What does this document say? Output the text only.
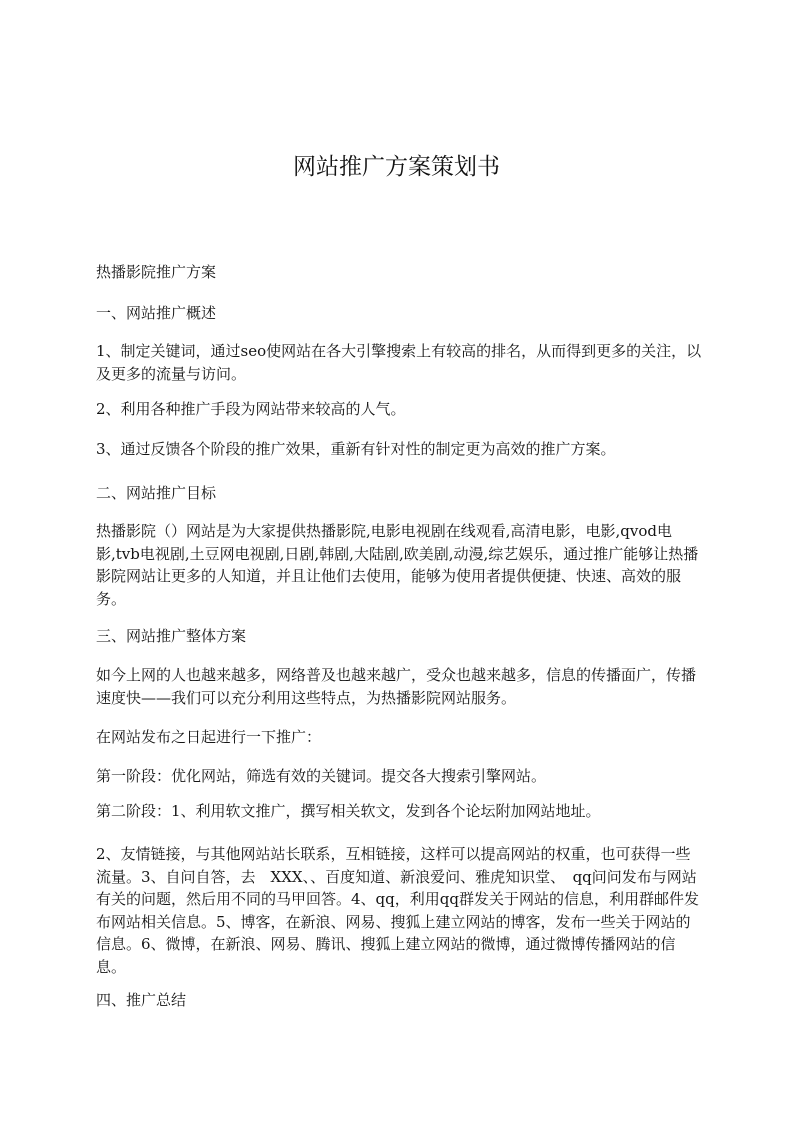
网站推广方案策划书

热播影院推广方案

一、网站推广概述

1、制定关键词，通过seo使网站在各大引擎搜索上有较高的排名，从而得到更多的关注，以及更多的流量与访问。

2、利用各种推广手段为网站带来较高的人气。

3、通过反馈各个阶段的推广效果，重新有针对性的制定更为高效的推广方案。

二、网站推广目标

热播影院（）网站是为大家提供热播影院,电影电视剧在线观看,高清电影，电影,qvod电影,tvb电视剧,土豆网电视剧,日剧,韩剧,大陆剧,欧美剧,动漫,综艺娱乐，通过推广能够让热播影院网站让更多的人知道，并且让他们去使用，能够为使用者提供便捷、快速、高效的服务。

三、网站推广整体方案

如今上网的人也越来越多，网络普及也越来越广，受众也越来越多，信息的传播面广，传播速度快——我们可以充分利用这些特点，为热播影院网站服务。

在网站发布之日起进行一下推广：

第一阶段：优化网站，筛选有效的关键词。提交各大搜索引擎网站。

第二阶段：1、利用软文推广，撰写相关软文，发到各个论坛附加网站地址。

2、友情链接，与其他网站站长联系，互相链接，这样可以提高网站的权重，也可获得一些流量。3、自问自答，去　XXX、、百度知道、新浪爱问、雅虎知识堂、　qq问问发布与网站有关的问题，然后用不同的马甲回答。4、qq，利用qq群发关于网站的信息，利用群邮件发布网站相关信息。5、博客，在新浪、网易、搜狐上建立网站的博客，发布一些关于网站的信息。6、微博，在新浪、网易、腾讯、搜狐上建立网站的微博，通过微博传播网站的信息。

四、推广总结
